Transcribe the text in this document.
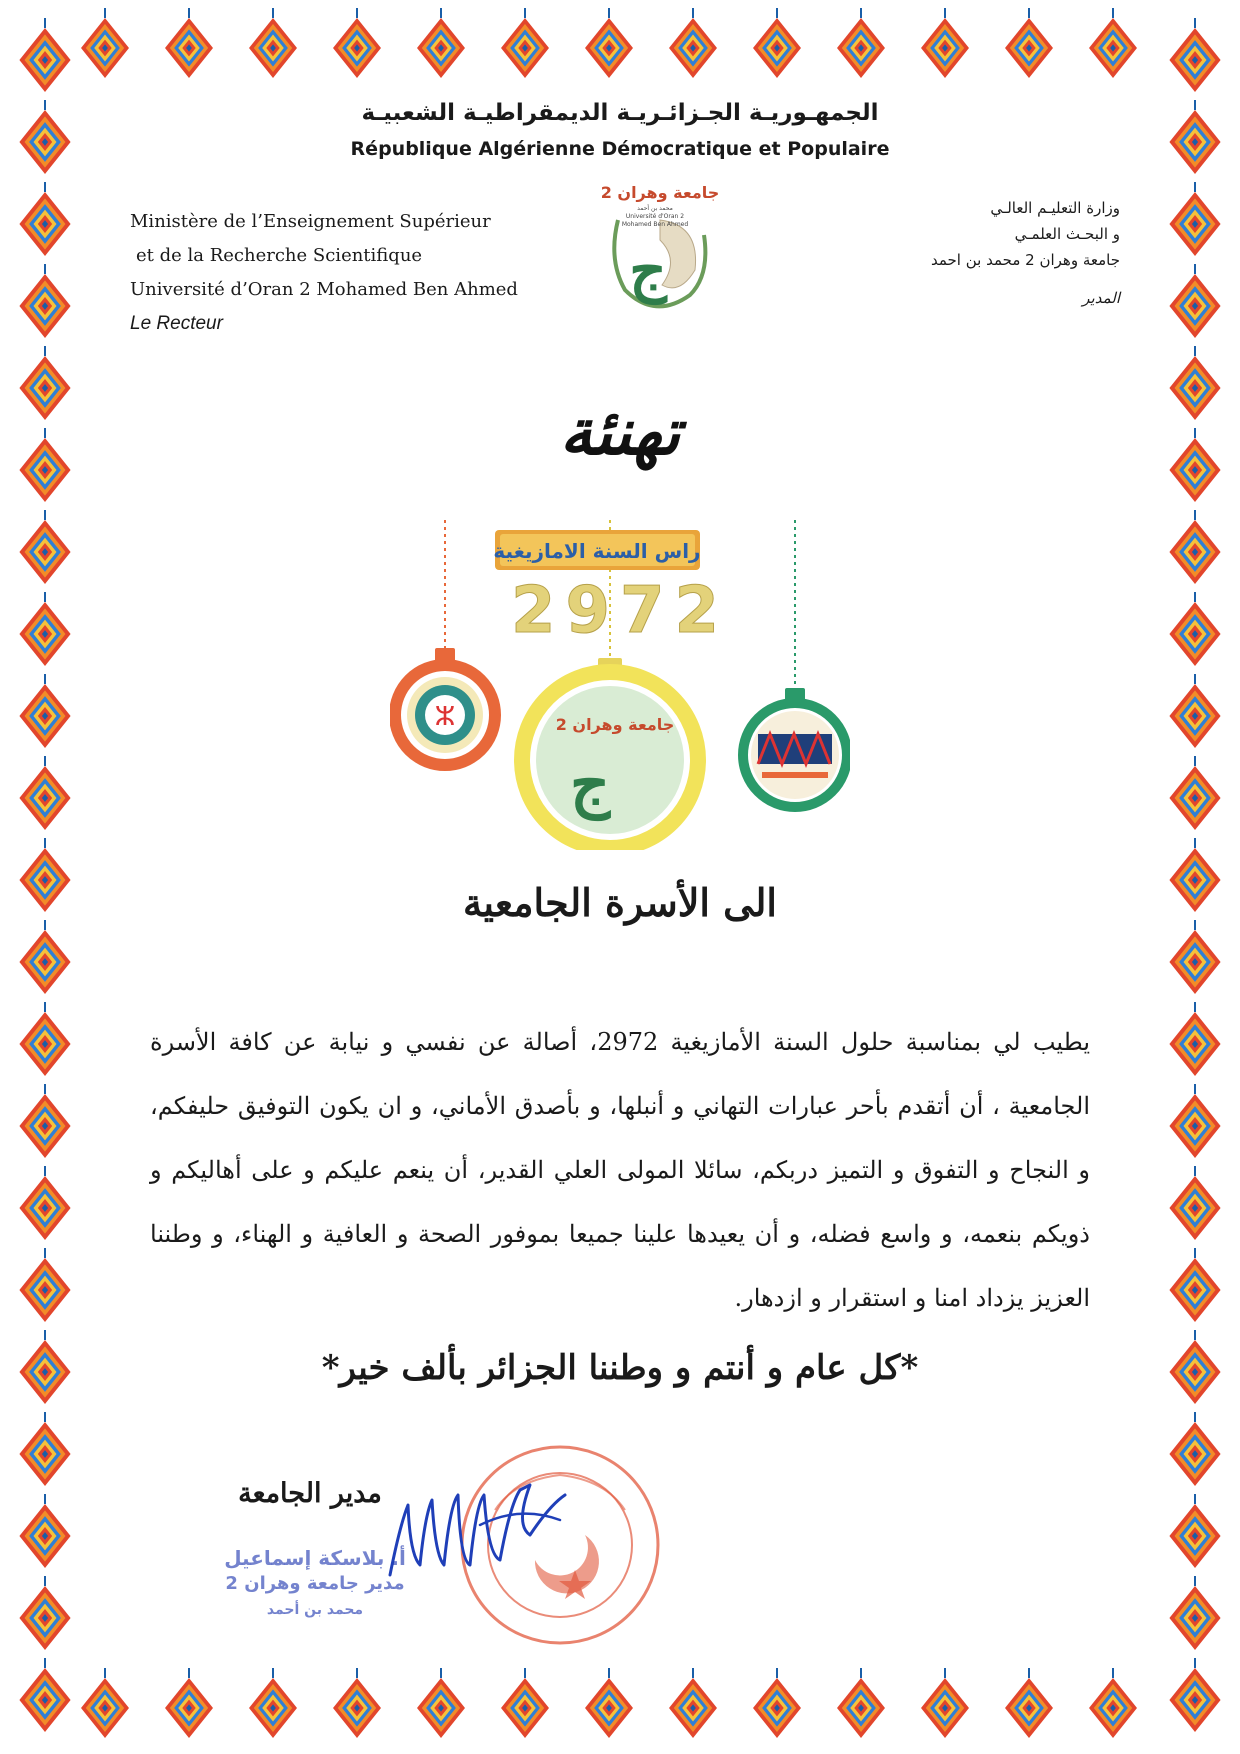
الجمهـوريـة الجـزائـريـة الديمقراطيـة الشعبيـة
République Algérienne Démocratique et Populaire
Ministère de l’Enseignement Supérieur
et de la Recherche Scientifique
Université d’Oran 2 Mohamed Ben Ahmed
Le Recteur
وزارة التعليـم العالـي
و البحـث العلمـي
جامعة وهران 2 محمد بن احمد
المدير
جامعة وهران 2
محمد بن أحمد
Université d'Oran 2
Mohamed Ben Ahmed
ج
تهنئة
راس السنة الامازيغية
2972
ⵣ	جامعة وهران 2
ج
الى الأسرة الجامعية
يطيب لي بمناسبة حلول السنة الأمازيغية 2972، أصالة عن نفسي و نيابة عن كافة الأسرة الجامعية ، أن أتقدم بأحر عبارات التهاني و أنبلها، و بأصدق الأماني، و ان يكون التوفيق حليفكم، و النجاح و التفوق و التميز دربكم، سائلا المولى العلي القدير، أن ينعم عليكم و على أهاليكم و ذويكم بنعمه، و واسع فضله، و أن يعيدها علينا جميعا بموفور الصحة و العافية و الهناء، و وطننا العزيز يزداد امنا و استقرار و ازدهار.
*كل عام و أنتم و وطننا الجزائر بألف خير*
مدير الجامعة
أ. بلاسكة إسماعيل
مدير جامعة وهران 2
محمد بن أحمد
